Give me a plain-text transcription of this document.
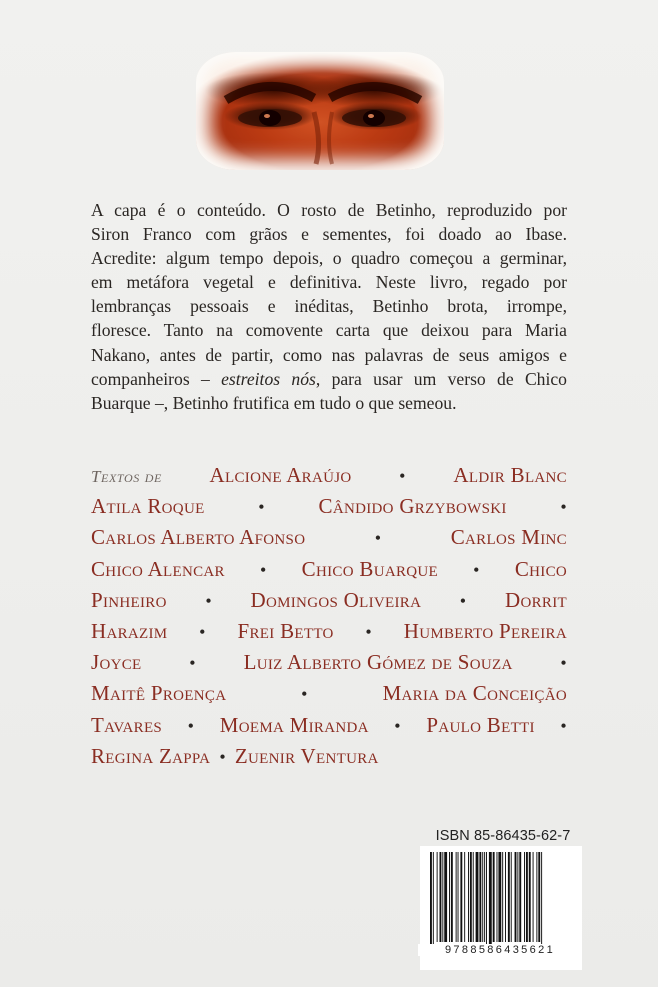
A capa é o conteúdo. O rosto de Betinho, reproduzido por
Siron Franco com grãos e sementes, foi doado ao Ibase.
Acredite: algum tempo depois, o quadro começou a germinar,
em metáfora vegetal e definitiva. Neste livro, regado por
lembranças pessoais e inéditas, Betinho brota, irrompe,
floresce. Tanto na comovente carta que deixou para Maria
Nakano, antes de partir, como nas palavras de seus amigos e
companheiros – estreitos nós, para usar um verso de Chico
Buarque –, Betinho frutifica em tudo o que semeou.
Textos de Alcione Araújo	• Aldir Blanc
Atila Roque	•	Cândido Grzybowski	•
Carlos Alberto Afonso	•	Carlos Minc
Chico Alencar • Chico Buarque • Chico
Pinheiro • Domingos Oliveira • Dorrit
Harazim • Frei Betto • Humberto Pereira
Joyce	• Luiz Alberto Gómez de Souza	•
Maitê Proença	•	Maria da Conceição
Tavares • Moema Miranda • Paulo Betti •
Regina Zappa • Zuenir Ventura
ISBN 85-86435-62-7
9788586435621
